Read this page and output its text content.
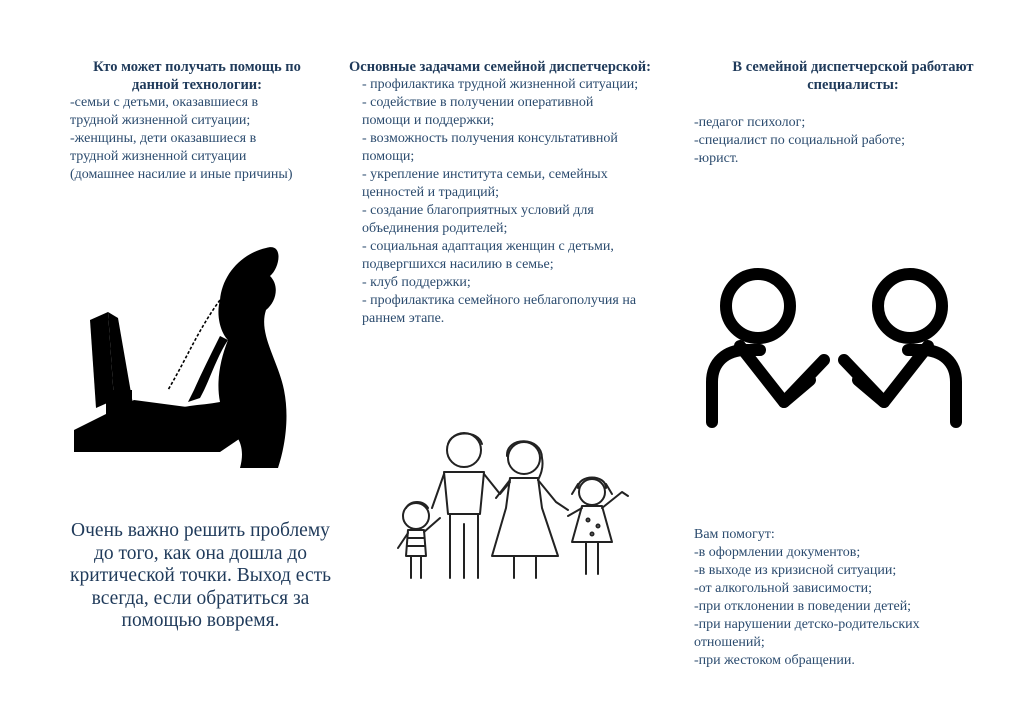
Кто может получать помощь по
данной технологии:
-семьи с детьми, оказавшиеся в
трудной жизненной ситуации;
-женщины, дети оказавшиеся в
трудной жизненной ситуации
(домашнее насилие и иные причины)
Очень важно решить проблему
до того, как она дошла до
критической точки. Выход есть
всегда, если обратиться за
помощью вовремя.
Основные задачами семейной диспетчерской:
- профилактика трудной жизненной ситуации;
- содействие в получении оперативной
помощи и поддержки;
- возможность получения консультативной
помощи;
- укрепление института семьи, семейных
ценностей и традиций;
- создание благоприятных условий для
объединения родителей;
- социальная адаптация женщин с детьми,
подвергшихся насилию в семье;
- клуб поддержки;
- профилактика семейного неблагополучия на
раннем этапе.
В семейной диспетчерской работают
специалисты:
-педагог психолог;
-специалист по социальной работе;
-юрист.
Вам помогут:
-в оформлении документов;
-в выходе из кризисной ситуации;
-от алкогольной зависимости;
-при отклонении в поведении детей;
-при нарушении детско-родительских
отношений;
-при жестоком обращении.
